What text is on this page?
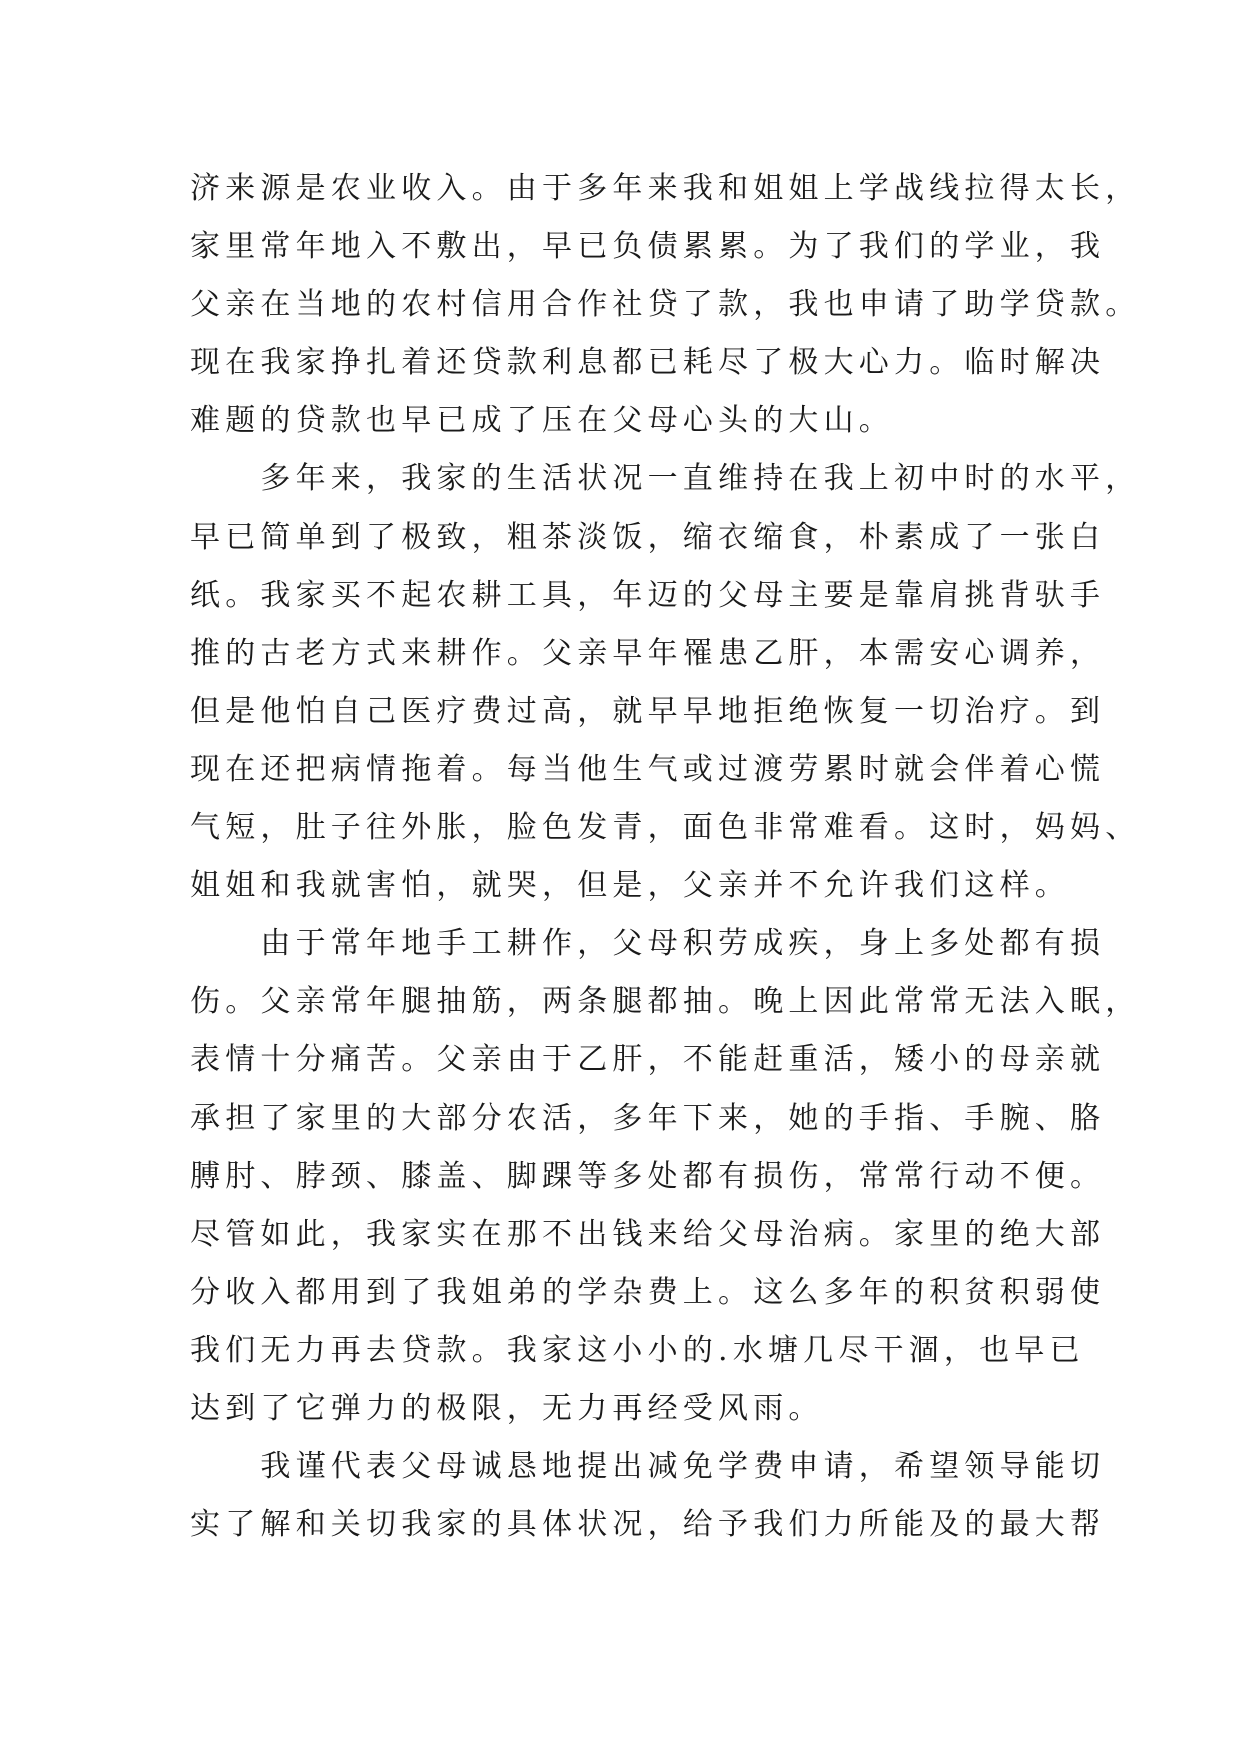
济来源是农业收入。由于多年来我和姐姐上学战线拉得太长，
家里常年地入不敷出，早已负债累累。为了我们的学业，我
父亲在当地的农村信用合作社贷了款，我也申请了助学贷款。
现在我家挣扎着还贷款利息都已耗尽了极大心力。临时解决
难题的贷款也早已成了压在父母心头的大山。
　　多年来，我家的生活状况一直维持在我上初中时的水平，
早已简单到了极致，粗茶淡饭，缩衣缩食，朴素成了一张白
纸。我家买不起农耕工具，年迈的父母主要是靠肩挑背驮手
推的古老方式来耕作。父亲早年罹患乙肝，本需安心调养，
但是他怕自己医疗费过高，就早早地拒绝恢复一切治疗。到
现在还把病情拖着。每当他生气或过渡劳累时就会伴着心慌
气短，肚子往外胀，脸色发青，面色非常难看。这时，妈妈、
姐姐和我就害怕，就哭，但是，父亲并不允许我们这样。
　　由于常年地手工耕作，父母积劳成疾，身上多处都有损
伤。父亲常年腿抽筋，两条腿都抽。晚上因此常常无法入眠，
表情十分痛苦。父亲由于乙肝，不能赶重活，矮小的母亲就
承担了家里的大部分农活，多年下来，她的手指、手腕、胳
膊肘、脖颈、膝盖、脚踝等多处都有损伤，常常行动不便。
尽管如此，我家实在那不出钱来给父母治病。家里的绝大部
分收入都用到了我姐弟的学杂费上。这么多年的积贫积弱使
我们无力再去贷款。我家这小小的.水塘几尽干涸，也早已
达到了它弹力的极限，无力再经受风雨。
　　我谨代表父母诚恳地提出减免学费申请，希望领导能切
实了解和关切我家的具体状况，给予我们力所能及的最大帮
